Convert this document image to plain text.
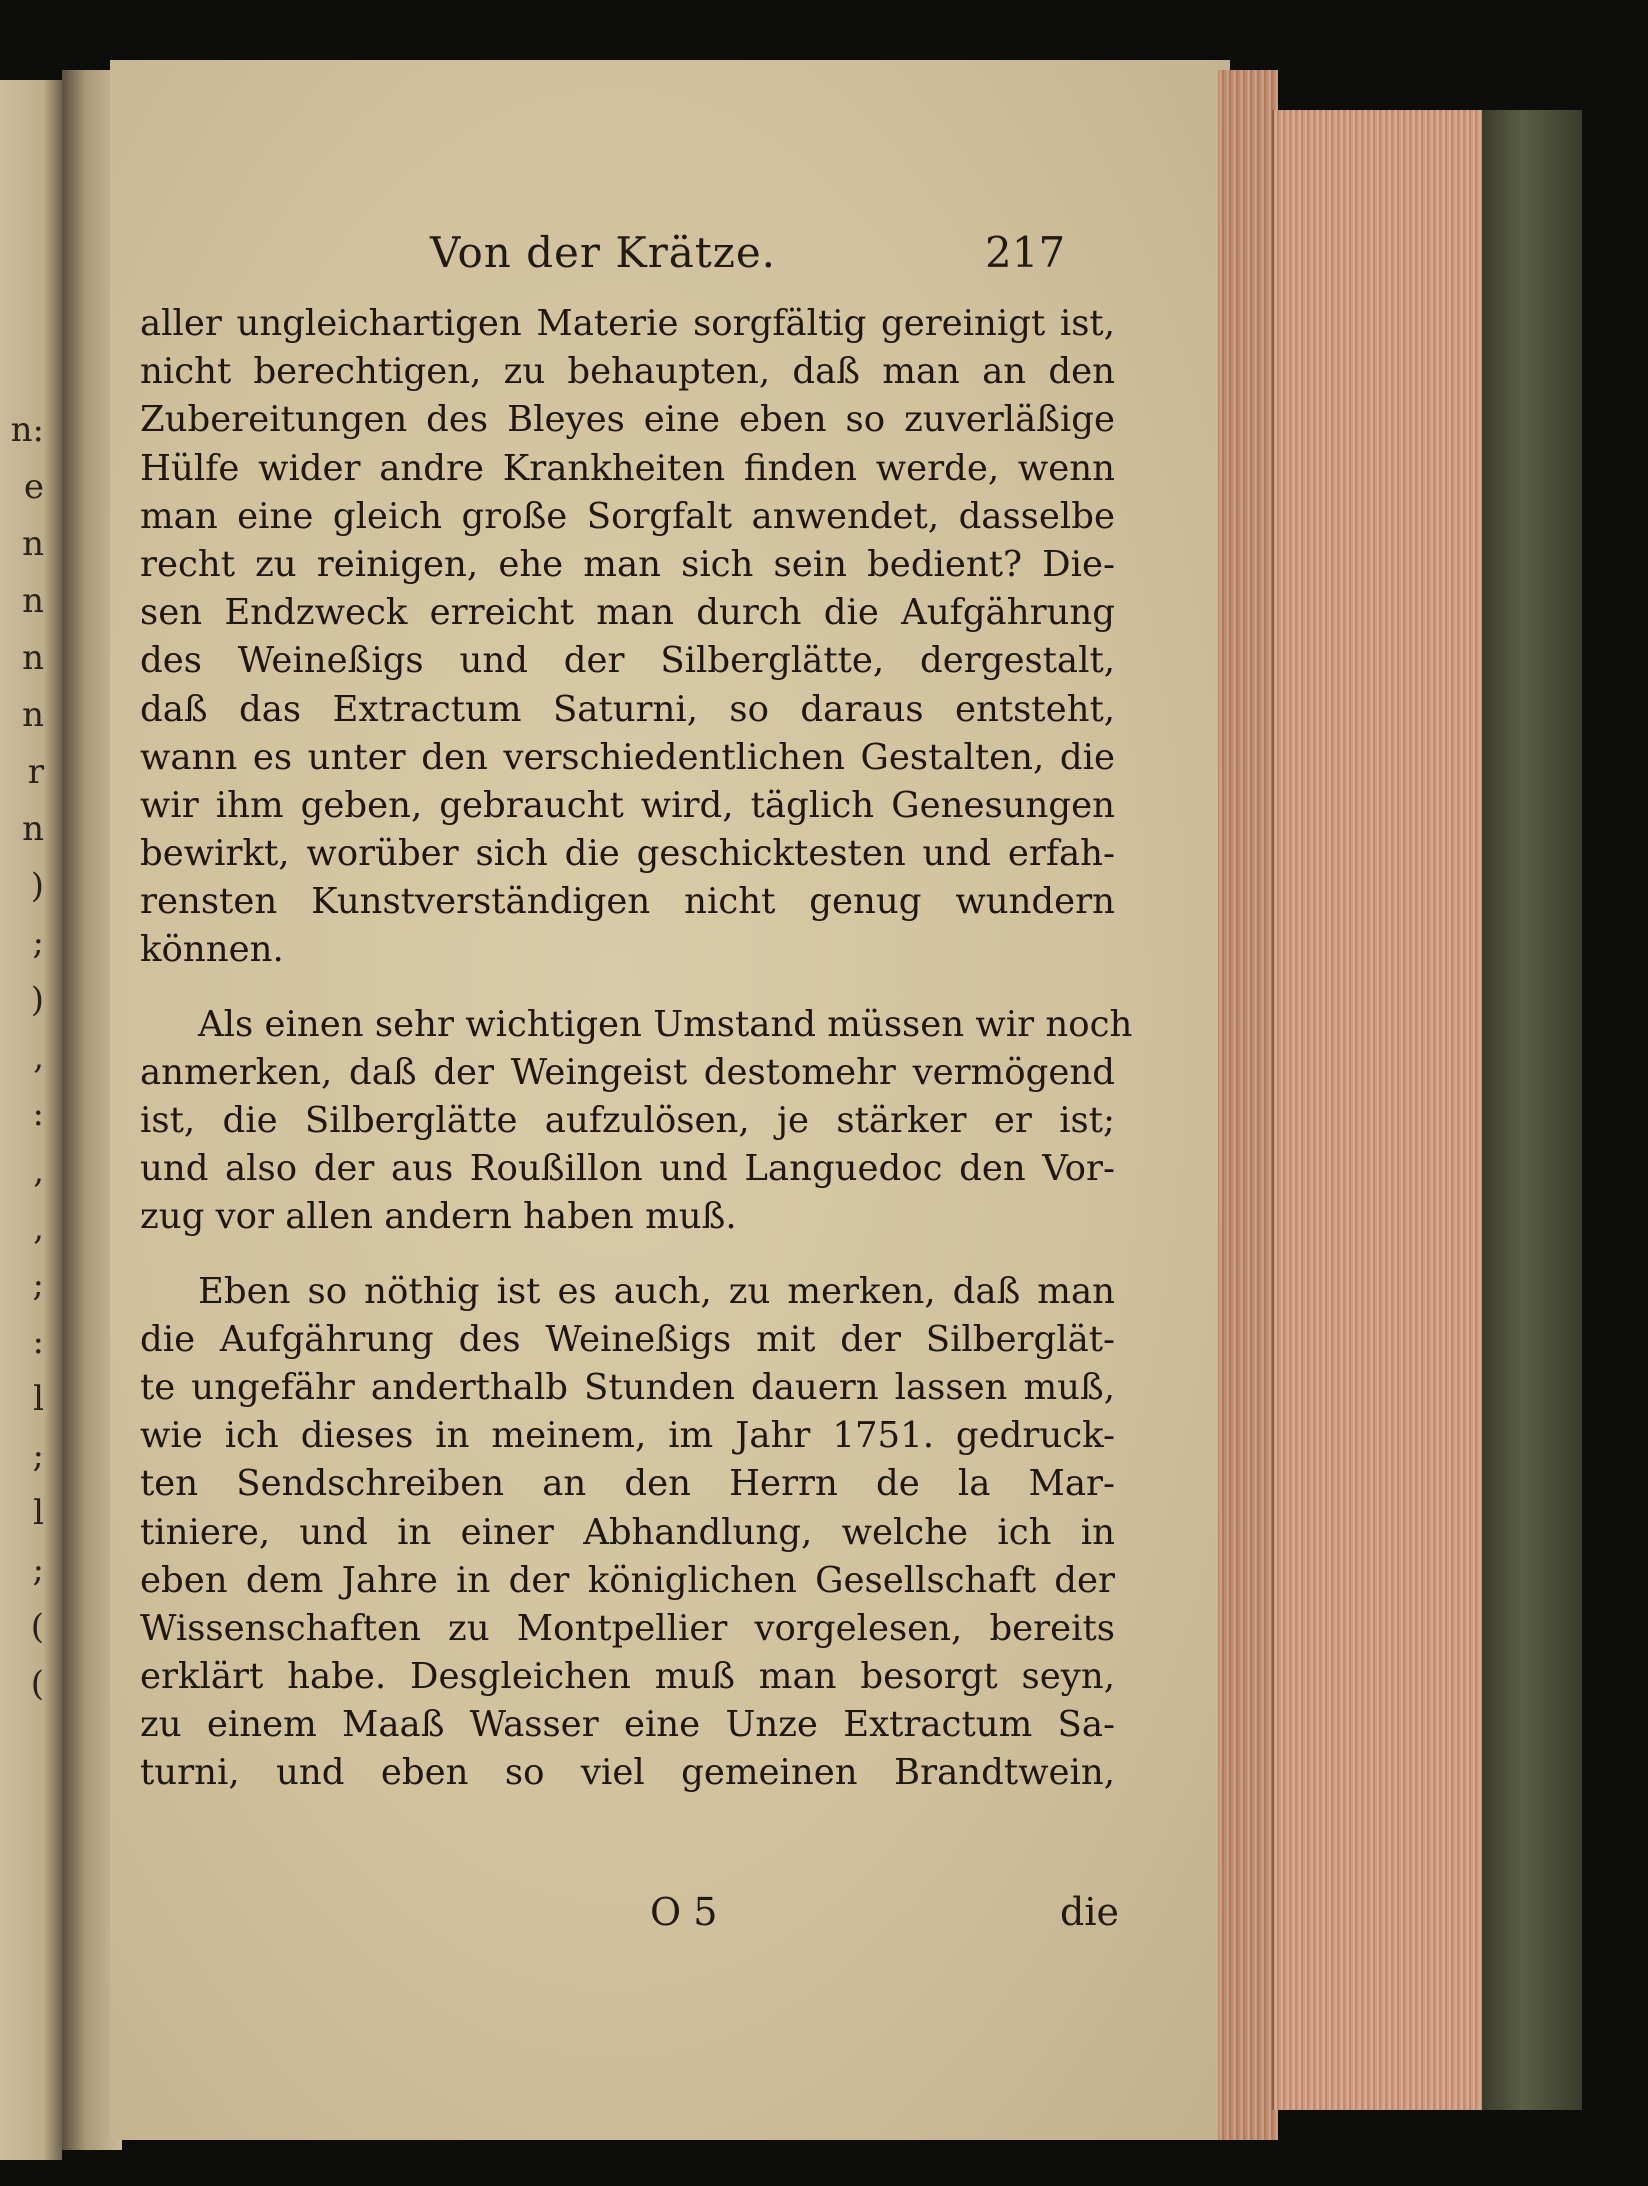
n:
e
n
n
n
n
r
n
)
;
)
,
:
,
,
;
:
l
;
l
;
(
(
Von der Krätze.	217
aller ungleichartigen Materie sorgfältig gereinigt ist,
nicht berechtigen, zu behaupten, daß man an den
Zubereitungen des Bleyes eine eben so zuverläßige
Hülfe wider andre Krankheiten finden werde, wenn
man eine gleich große Sorgfalt anwendet, dasselbe
recht zu reinigen, ehe man sich sein bedient? Die-
sen Endzweck erreicht man durch die Aufgährung
des Weineßigs und der Silberglätte, dergestalt,
daß das Extractum Saturni, so daraus entsteht,
wann es unter den verschiedentlichen Gestalten, die
wir ihm geben, gebraucht wird, täglich Genesungen
bewirkt, worüber sich die geschicktesten und erfah-
rensten Kunstverständigen nicht genug wundern
können.
Als einen sehr wichtigen Umstand müssen wir noch
anmerken, daß der Weingeist destomehr vermögend
ist, die Silberglätte aufzulösen, je stärker er ist;
und also der aus Roußillon und Languedoc den Vor-
zug vor allen andern haben muß.
Eben so nöthig ist es auch, zu merken, daß man
die Aufgährung des Weineßigs mit der Silberglät-
te ungefähr anderthalb Stunden dauern lassen muß,
wie ich dieses in meinem, im Jahr 1751. gedruck-
ten Sendschreiben an den Herrn de la Mar-
tiniere, und in einer Abhandlung, welche ich in
eben dem Jahre in der königlichen Gesellschaft der
Wissenschaften zu Montpellier vorgelesen, bereits
erklärt habe. Desgleichen muß man besorgt seyn,
zu einem Maaß Wasser eine Unze Extractum Sa-
turni, und eben so viel gemeinen Brandtwein,
O 5	die
